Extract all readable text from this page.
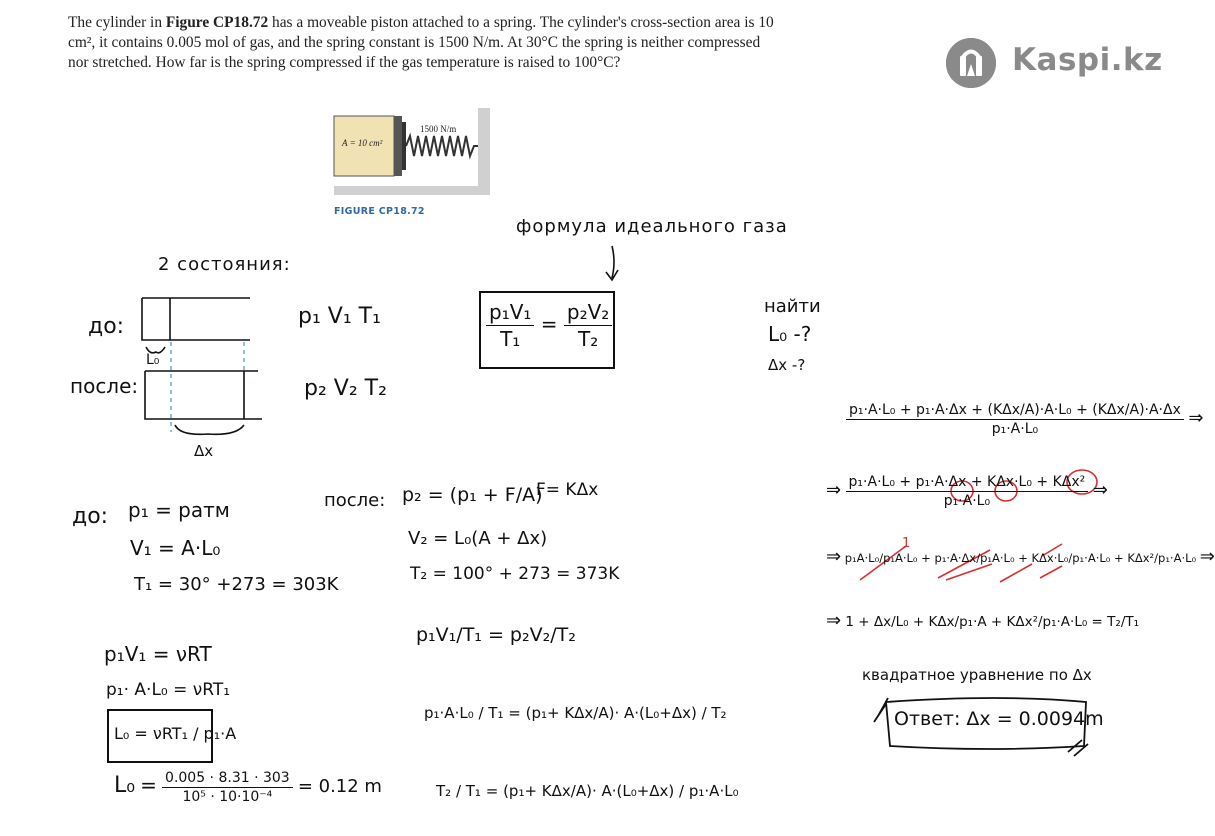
The cylinder in Figure CP18.72 has a moveable piston attached to a spring. The cylinder's cross-section area is 10 cm², it contains 0.005 mol of gas, and the spring constant is 1500 N/m. At 30°C the spring is neither compressed nor stretched. How far is the spring compressed if the gas temperature is raised to 100°C?	Kaspi.kz
A = 10 cm²
1500 N/m
FIGURE CP18.72
формула идеального газа
2 состояния:
до:
после:
p₁ V₁ T₁
p₂ V₂ T₂
L₀
Δx
$\frac{\text{p₁V₁}}{\text{T₁}} = \frac{\text{p₂V₂}}{\text{T₂}}$	найти
L₀ -?
Δx -?
до: p₁ = pатм
V₁ = A·L₀
T₁ = 30° +273 = 303K
p₁V₁ = νRT
p₁· A·L₀ = νRT₁
L₀ = νRT₁ / p₁·A
$L_0 = \frac{0.005 \cdot 8.31 \cdot 303}{\text{10⁵ · 10·10⁻⁴}} = 0.12$ m
после: p₂ = (p₁ + F/A)
F= KΔx
V₂ = L₀(A + Δx)
T₂ = 100° + 273 = 373K
p₁V₁/T₁ = p₂V₂/T₂
p₁·A·L₀ / T₁ = (p₁+ KΔx/A)· A·(L₀+Δx) / T₂
T₂ / T₁ = (p₁+ KΔx/A)· A·(L₀+Δx) / p₁·A·L₀
$\frac{\text{p₁·A·L₀ + p₁·A·Δx + (KΔx/A)·A·L₀ + (KΔx/A)·A·Δx}}{\text{p₁·A·L₀}}$ ⇒
⇒ $\frac{\text{p₁·A·L₀ + p₁·A·Δx + KΔx·L₀ + KΔx²}}{\text{p₁·A·L₀}}$ ⇒
⇒ p₁A·L₀/p₁A·L₀ + p₁·A·Δx/p₁A·L₀ + KΔx·L₀/p₁·A·L₀ + KΔx²/p₁·A·L₀ ⇒
1
⇒ 1 + Δx/L₀ + KΔx/p₁·A + KΔx²/p₁·A·L₀ = T₂/T₁
квадратное уравнение по Δx
Ответ: Δx = 0.0094m
